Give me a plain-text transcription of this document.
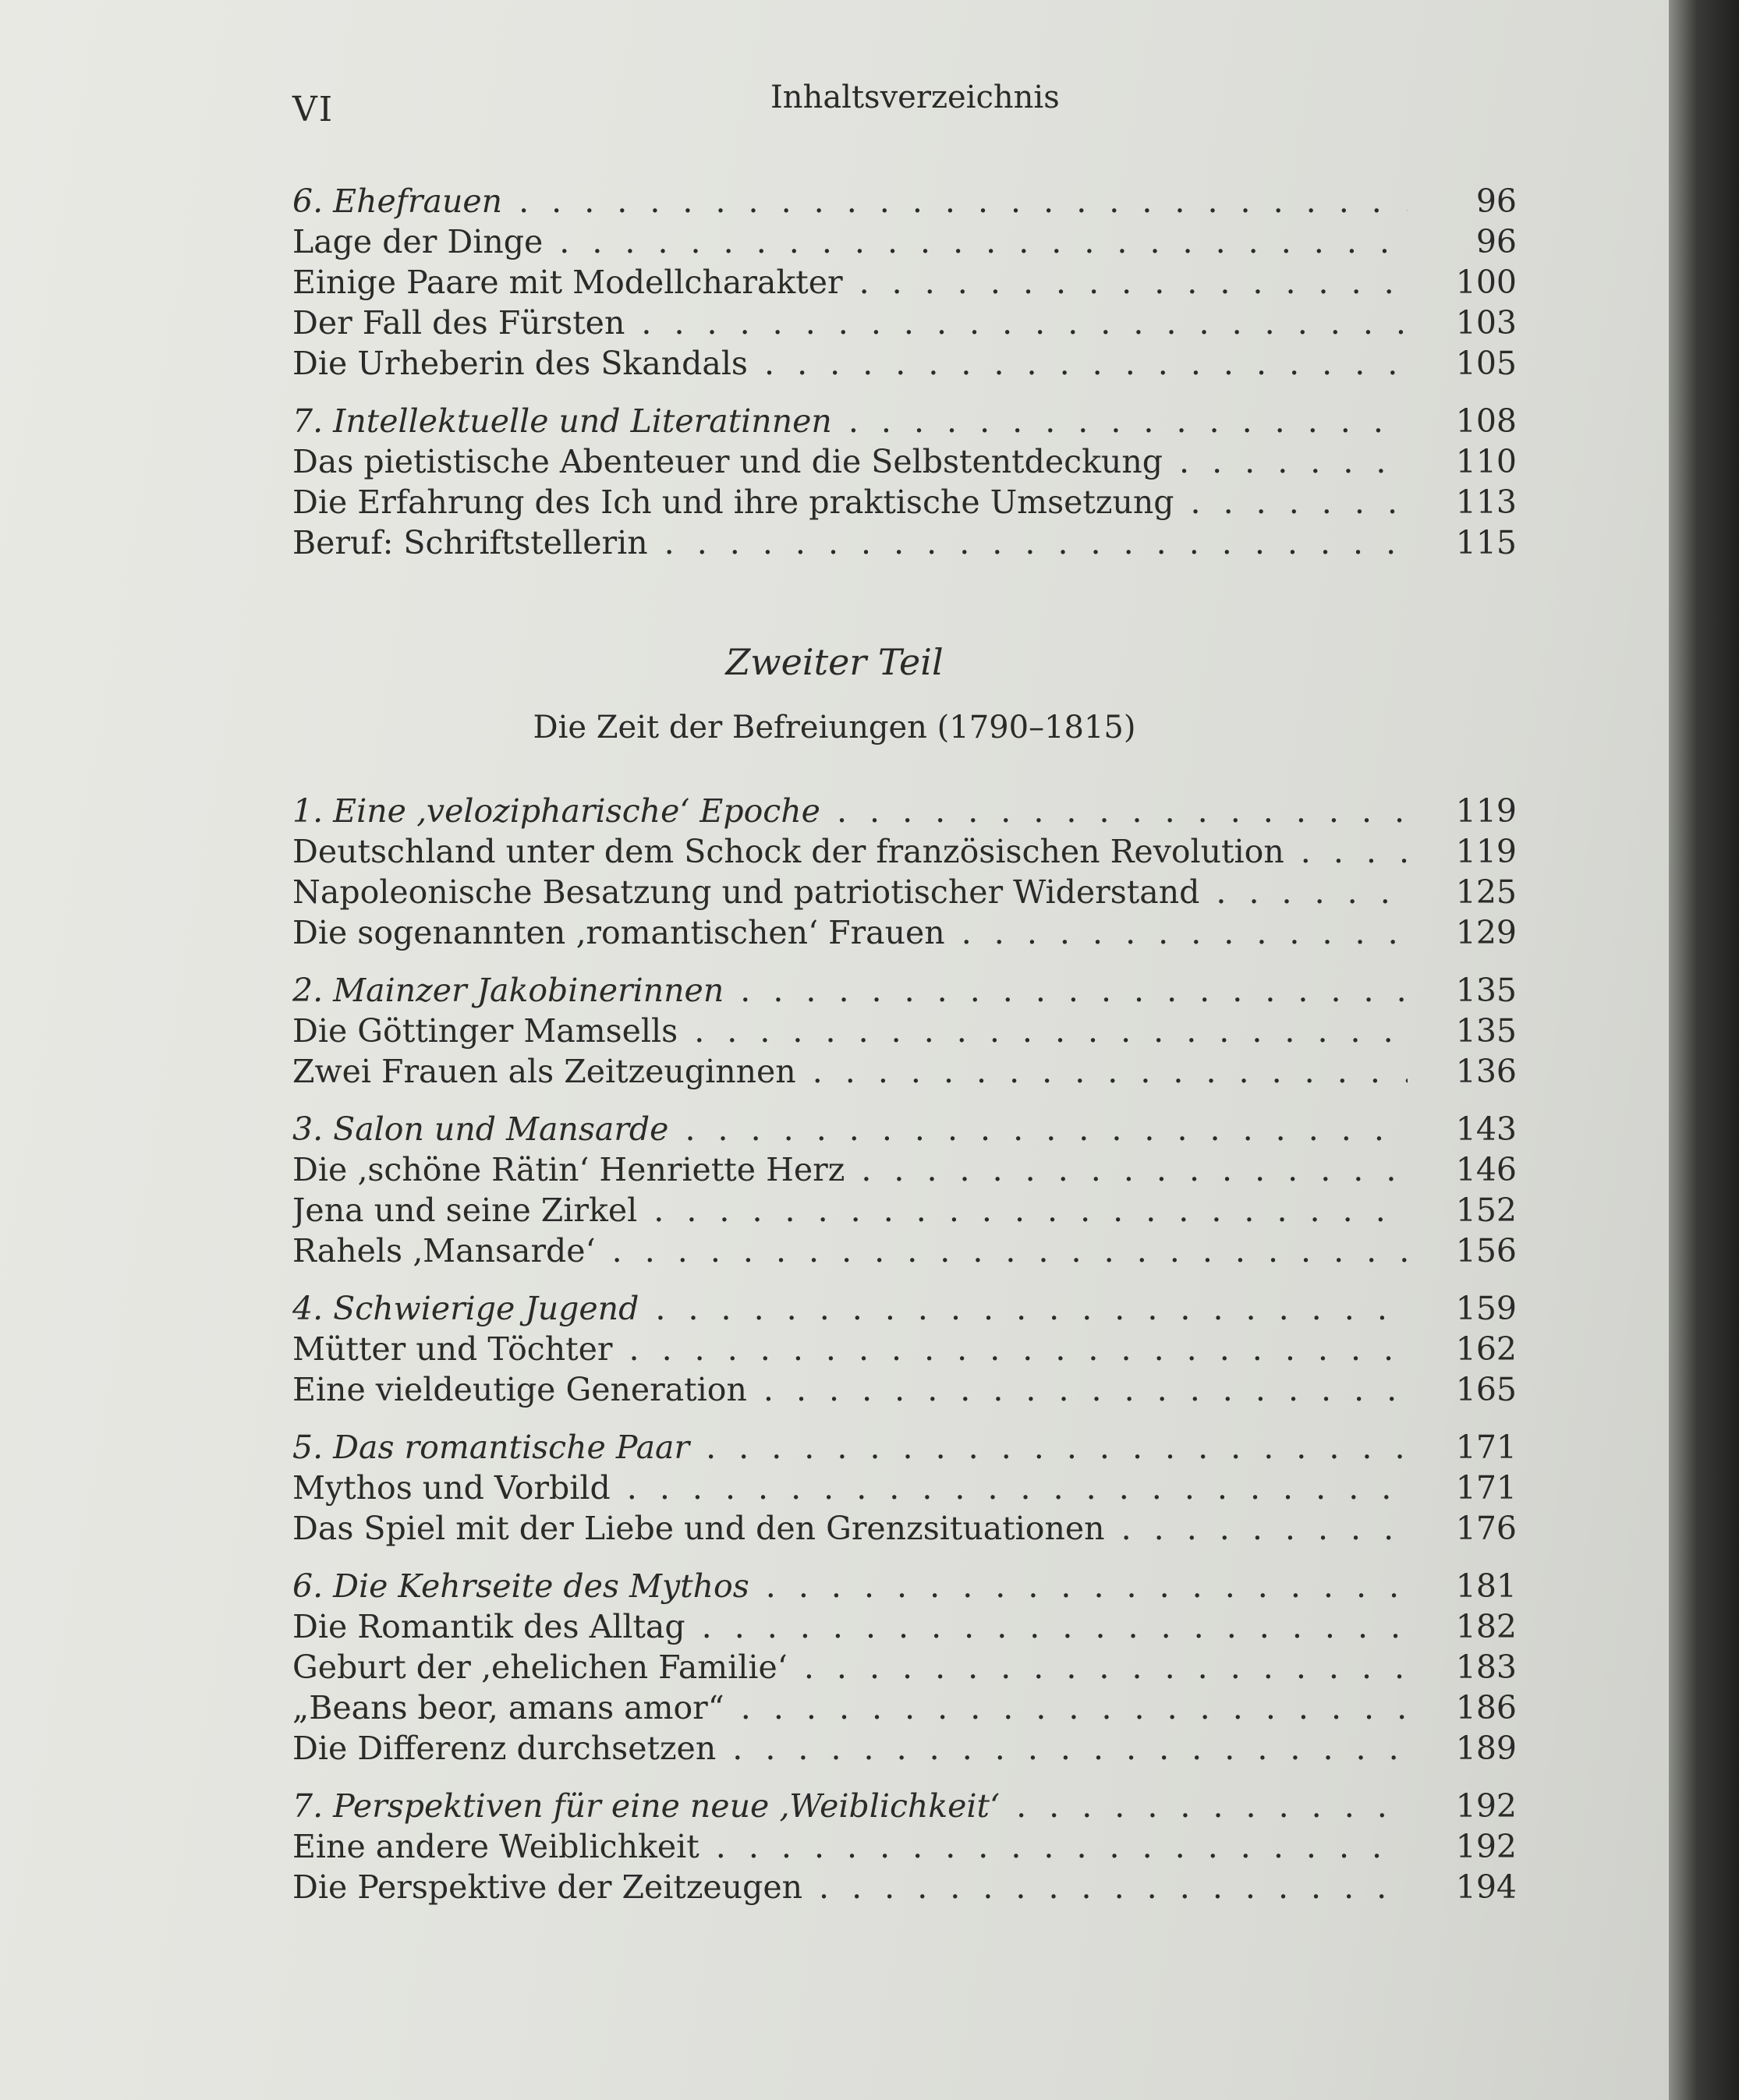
VI	Inhaltsverzeichnis
6. Ehefrauen . . .	96
Lage der Dinge . . .	96
Einige Paare mit Modellcharakter . . .	100
Der Fall des Fürsten . . .	103
Die Urheberin des Skandals . . .	105
7. Intellektuelle und Literatinnen . . .	108
Das pietistische Abenteuer und die Selbstentdeckung . . .	110
Die Erfahrung des Ich und ihre praktische Umsetzung . . .	113
Beruf: Schriftstellerin . . .	115
Zweiter Teil
Die Zeit der Befreiungen (1790–1815)
1. Eine ‚velozipharische‘ Epoche . . .	119
Deutschland unter dem Schock der französischen Revolution . . .	119
Napoleonische Besatzung und patriotischer Widerstand . . .	125
Die sogenannten ‚romantischen‘ Frauen . . .	129
2. Mainzer Jakobinerinnen . . .	135
Die Göttinger Mamsells . . .	135
Zwei Frauen als Zeitzeuginnen . . .	136
3. Salon und Mansarde . . .	143
Die ‚schöne Rätin‘ Henriette Herz . . .	146
Jena und seine Zirkel . . .	152
Rahels ‚Mansarde‘ . . .	156
4. Schwierige Jugend . . .	159
Mütter und Töchter . . .	162
Eine vieldeutige Generation . . .	165
5. Das romantische Paar . . .	171
Mythos und Vorbild . . .	171
Das Spiel mit der Liebe und den Grenzsituationen . . .	176
6. Die Kehrseite des Mythos . . .	181
Die Romantik des Alltag . . .	182
Geburt der ‚ehelichen Familie‘ . . .	183
„Beans beor, amans amor“ . . .	186
Die Differenz durchsetzen . . .	189
7. Perspektiven für eine neue ‚Weiblichkeit‘ . . .	192
Eine andere Weiblichkeit . . .	192
Die Perspektive der Zeitzeugen . . .	194
